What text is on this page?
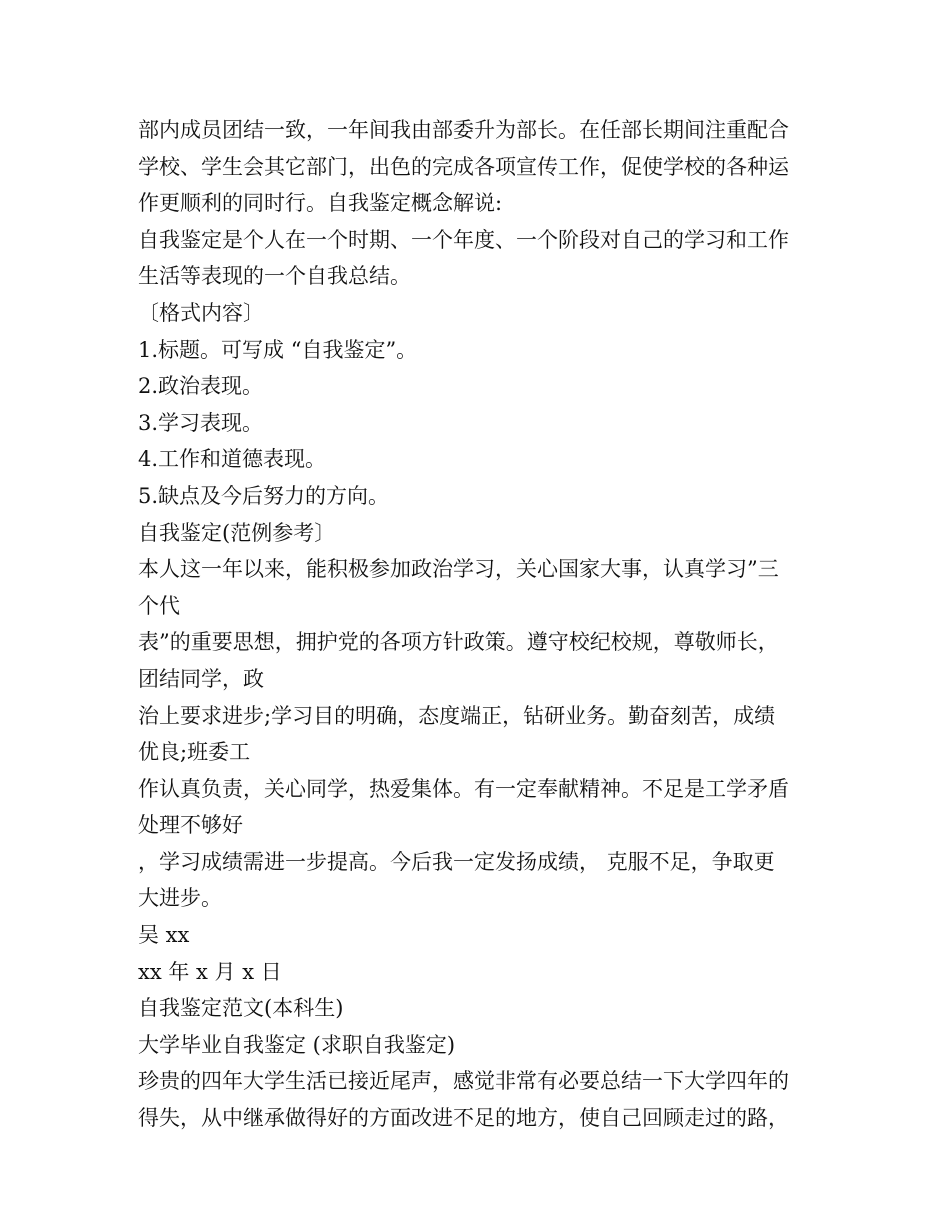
部内成员团结一致，一年间我由部委升为部长。在任部长期间注重配合
学校、学生会其它部门，出色的完成各项宣传工作，促使学校的各种运
作更顺利的同时行。自我鉴定概念解说:
自我鉴定是个人在一个时期、一个年度、一个阶段对自己的学习和工作
生活等表现的一个自我总结。
〔格式内容〕
1.标题。可写成 “自我鉴定”。
2.政治表现。
3.学习表现。
4.工作和道德表现。
5.缺点及今后努力的方向。
自我鉴定(范例参考〕
本人这一年以来，能积极参加政治学习，关心国家大事，认真学习”三
个代
表”的重要思想，拥护党的各项方针政策。遵守校纪校规，尊敬师长，
团结同学，政
治上要求进步;学习目的明确，态度端正，钻研业务。勤奋刻苦，成绩
优良;班委工
作认真负责，关心同学，热爱集体。有一定奉献精神。不足是工学矛盾
处理不够好
，学习成绩需进一步提高。今后我一定发扬成绩， 克服不足，争取更
大进步。
吴 xx
xx 年 x 月 x 日
自我鉴定范文(本科生)
大学毕业自我鉴定 (求职自我鉴定)
珍贵的四年大学生活已接近尾声，感觉非常有必要总结一下大学四年的
得失，从中继承做得好的方面改进不足的地方，使自己回顾走过的路，
